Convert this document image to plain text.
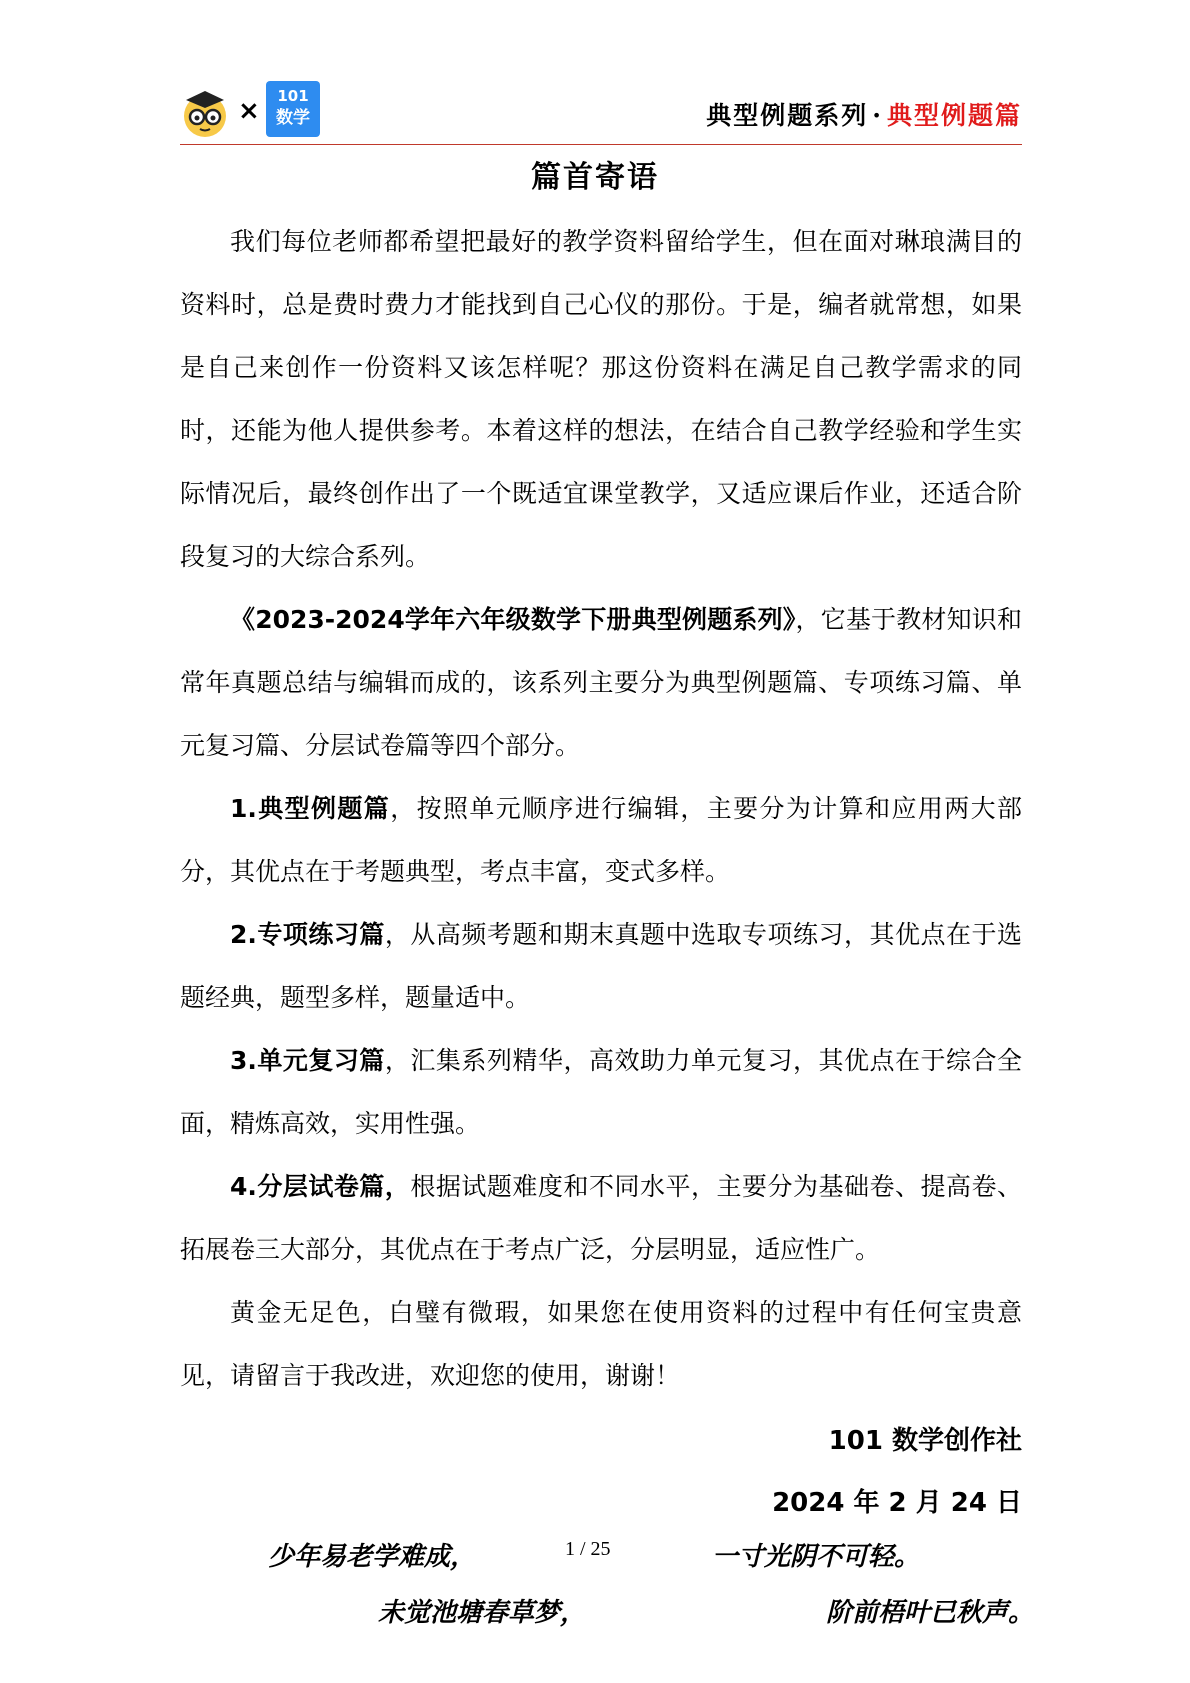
×	101
数学	典型例题系列 · 典型例题篇
篇首寄语

我们每位老师都希望把最好的教学资料留给学生，但在面对琳琅满目的资料时，总是费时费力才能找到自己心仪的那份。于是，编者就常想，如果是自己来创作一份资料又该怎样呢？那这份资料在满足自己教学需求的同时，还能为他人提供参考。本着这样的想法，在结合自己教学经验和学生实际情况后，最终创作出了一个既适宜课堂教学，又适应课后作业，还适合阶段复习的大综合系列。

《2023-2024学年六年级数学下册典型例题系列》，它基于教材知识和常年真题总结与编辑而成的，该系列主要分为典型例题篇、专项练习篇、单元复习篇、分层试卷篇等四个部分。

1.典型例题篇，按照单元顺序进行编辑，主要分为计算和应用两大部分，其优点在于考题典型，考点丰富，变式多样。

2.专项练习篇，从高频考题和期末真题中选取专项练习，其优点在于选题经典，题型多样，题量适中。

3.单元复习篇，汇集系列精华，高效助力单元复习，其优点在于综合全面，精炼高效，实用性强。

4.分层试卷篇，根据试题难度和不同水平，主要分为基础卷、提高卷、拓展卷三大部分，其优点在于考点广泛，分层明显，适应性广。

黄金无足色，白璧有微瑕，如果您在使用资料的过程中有任何宝贵意见，请留言于我改进，欢迎您的使用，谢谢！

101 数学创作社
2024 年 2 月 24 日
少年易老学难成，	1 / 25	一寸光阴不可轻。
未觉池塘春草梦，	阶前梧叶已秋声。
